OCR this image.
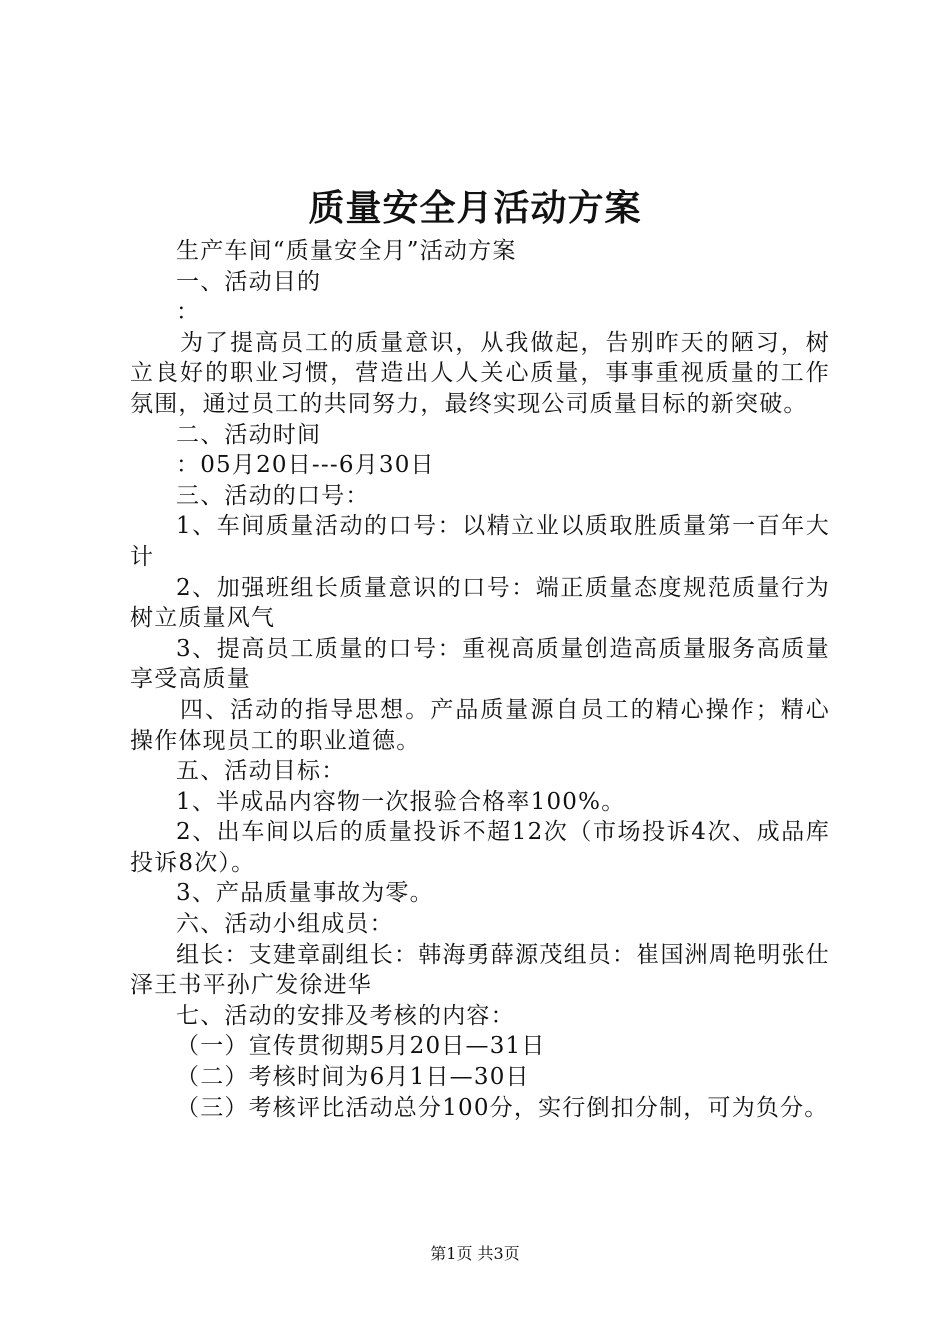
质量安全月活动方案

生产车间“质量安全月”活动方案

一、活动目的

：

为了提高员工的质量意识，从我做起，告别昨天的陋习，树立良好的职业习惯，营造出人人关心质量，事事重视质量的工作氛围，通过员工的共同努力，最终实现公司质量目标的新突破。

二、活动时间

：05月20日---6月30日

三、活动的口号：

1、车间质量活动的口号：以精立业以质取胜质量第一百年大计

2、加强班组长质量意识的口号：端正质量态度规范质量行为树立质量风气

3、提高员工质量的口号：重视高质量创造高质量服务高质量享受高质量

四、活动的指导思想。产品质量源自员工的精心操作；精心操作体现员工的职业道德。

五、活动目标：

1、半成品内容物一次报验合格率100%。

2、出车间以后的质量投诉不超12次（市场投诉4次、成品库投诉8次）。

3、产品质量事故为零。

六、活动小组成员：

组长：支建章副组长：韩海勇薛源茂组员：崔国洲周艳明张仕泽王书平孙广发徐进华

七、活动的安排及考核的内容：

（一）宣传贯彻期5月20日—31日

（二）考核时间为6月1日—30日

（三）考核评比活动总分100分，实行倒扣分制，可为负分。

第1页 共3页
